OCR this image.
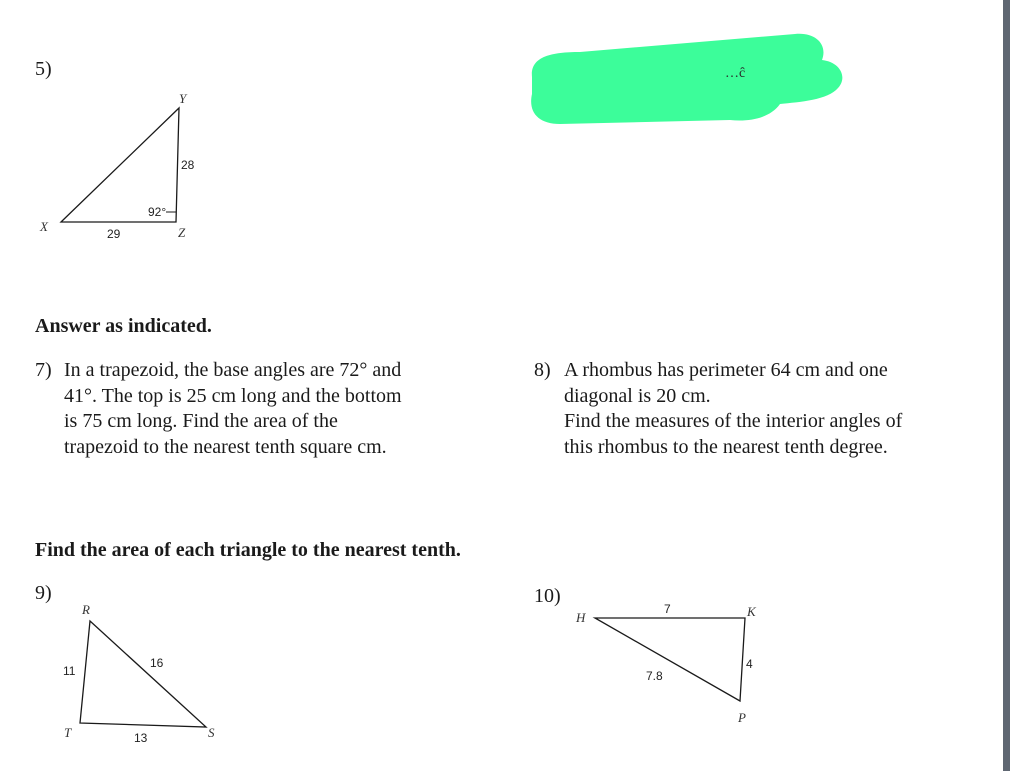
5)
X
Y
Z
29
28
92°
…ĉ
Answer as indicated.
7) In a trapezoid, the base angles are 72° and
41°. The top is 25 cm long and the bottom
is 75 cm long. Find the area of the
trapezoid to the nearest tenth square cm.
8) A rhombus has perimeter 64 cm and one
diagonal is 20 cm.
Find the measures of the interior angles of
this rhombus to the nearest tenth degree.
Find the area of each triangle to the nearest tenth.
9)
R
T	S
11
16
13
10)
H	K
P
7
4
7.8
